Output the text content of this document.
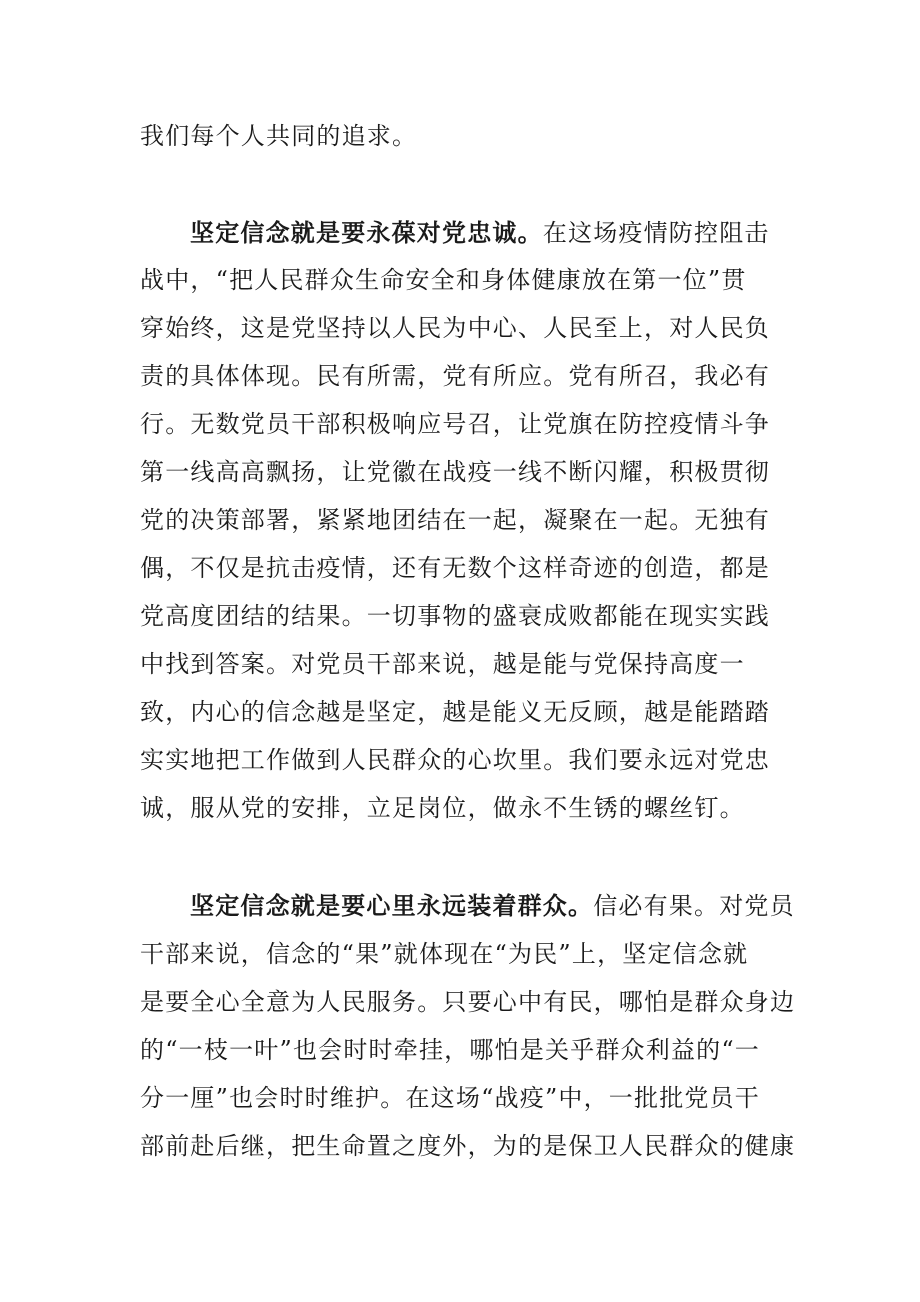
我们每个人共同的追求。
坚定信念就是要永葆对党忠诚。在这场疫情防控阻击
战中，“把人民群众生命安全和身体健康放在第一位”贯
穿始终，这是党坚持以人民为中心、人民至上，对人民负
责的具体体现。民有所需，党有所应。党有所召，我必有
行。无数党员干部积极响应号召，让党旗在防控疫情斗争
第一线高高飘扬，让党徽在战疫一线不断闪耀，积极贯彻
党的决策部署，紧紧地团结在一起，凝聚在一起。无独有
偶，不仅是抗击疫情，还有无数个这样奇迹的创造，都是
党高度团结的结果。一切事物的盛衰成败都能在现实实践
中找到答案。对党员干部来说，越是能与党保持高度一
致，内心的信念越是坚定，越是能义无反顾，越是能踏踏
实实地把工作做到人民群众的心坎里。我们要永远对党忠
诚，服从党的安排，立足岗位，做永不生锈的螺丝钉。
坚定信念就是要心里永远装着群众。信必有果。对党员
干部来说，信念的“果”就体现在“为民”上，坚定信念就
是要全心全意为人民服务。只要心中有民，哪怕是群众身边
的“一枝一叶”也会时时牵挂，哪怕是关乎群众利益的“一
分一厘”也会时时维护。在这场“战疫”中，一批批党员干
部前赴后继，把生命置之度外，为的是保卫人民群众的健康
